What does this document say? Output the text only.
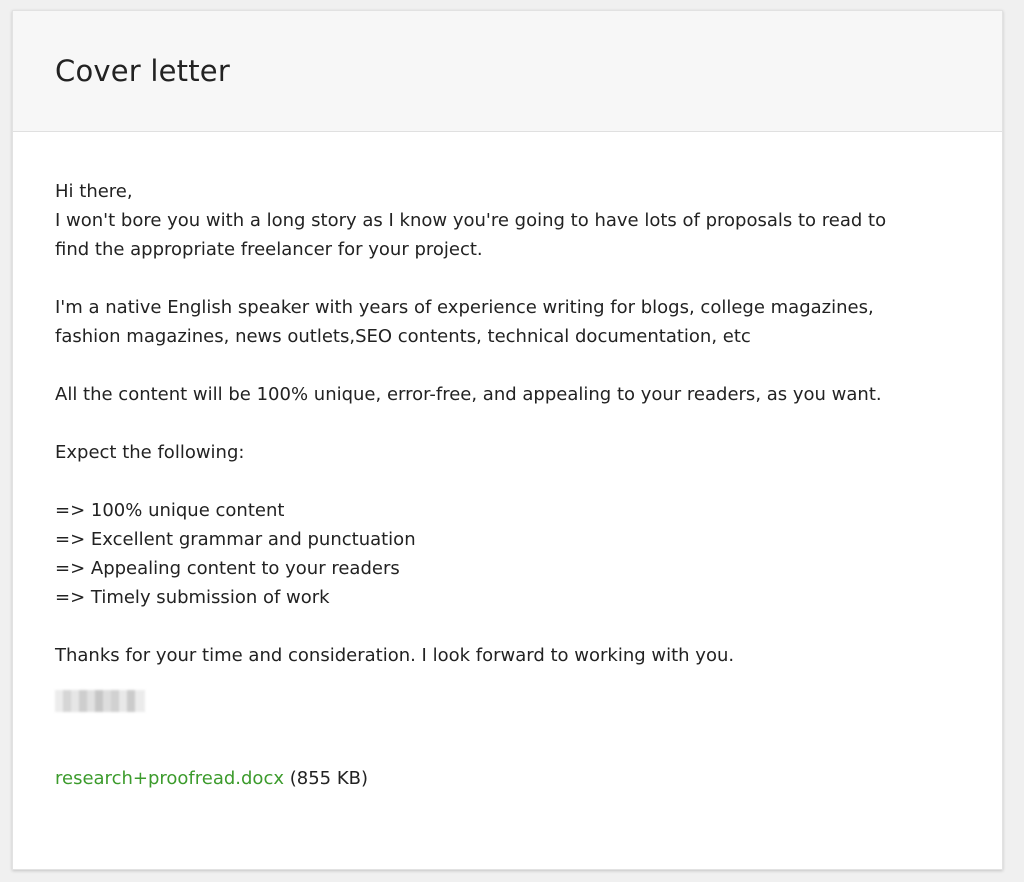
Cover letter
Hi there,
I won't bore you with a long story as I know you're going to have lots of proposals to read to
find the appropriate freelancer for your project.
I'm a native English speaker with years of experience writing for blogs, college magazines,
fashion magazines, news outlets,SEO contents, technical documentation, etc
All the content will be 100% unique, error-free, and appealing to your readers, as you want.
Expect the following:
=> 100% unique content
=> Excellent grammar and punctuation
=> Appealing content to your readers
=> Timely submission of work
Thanks for your time and consideration. I look forward to working with you.
research+proofread.docx (855 KB)
